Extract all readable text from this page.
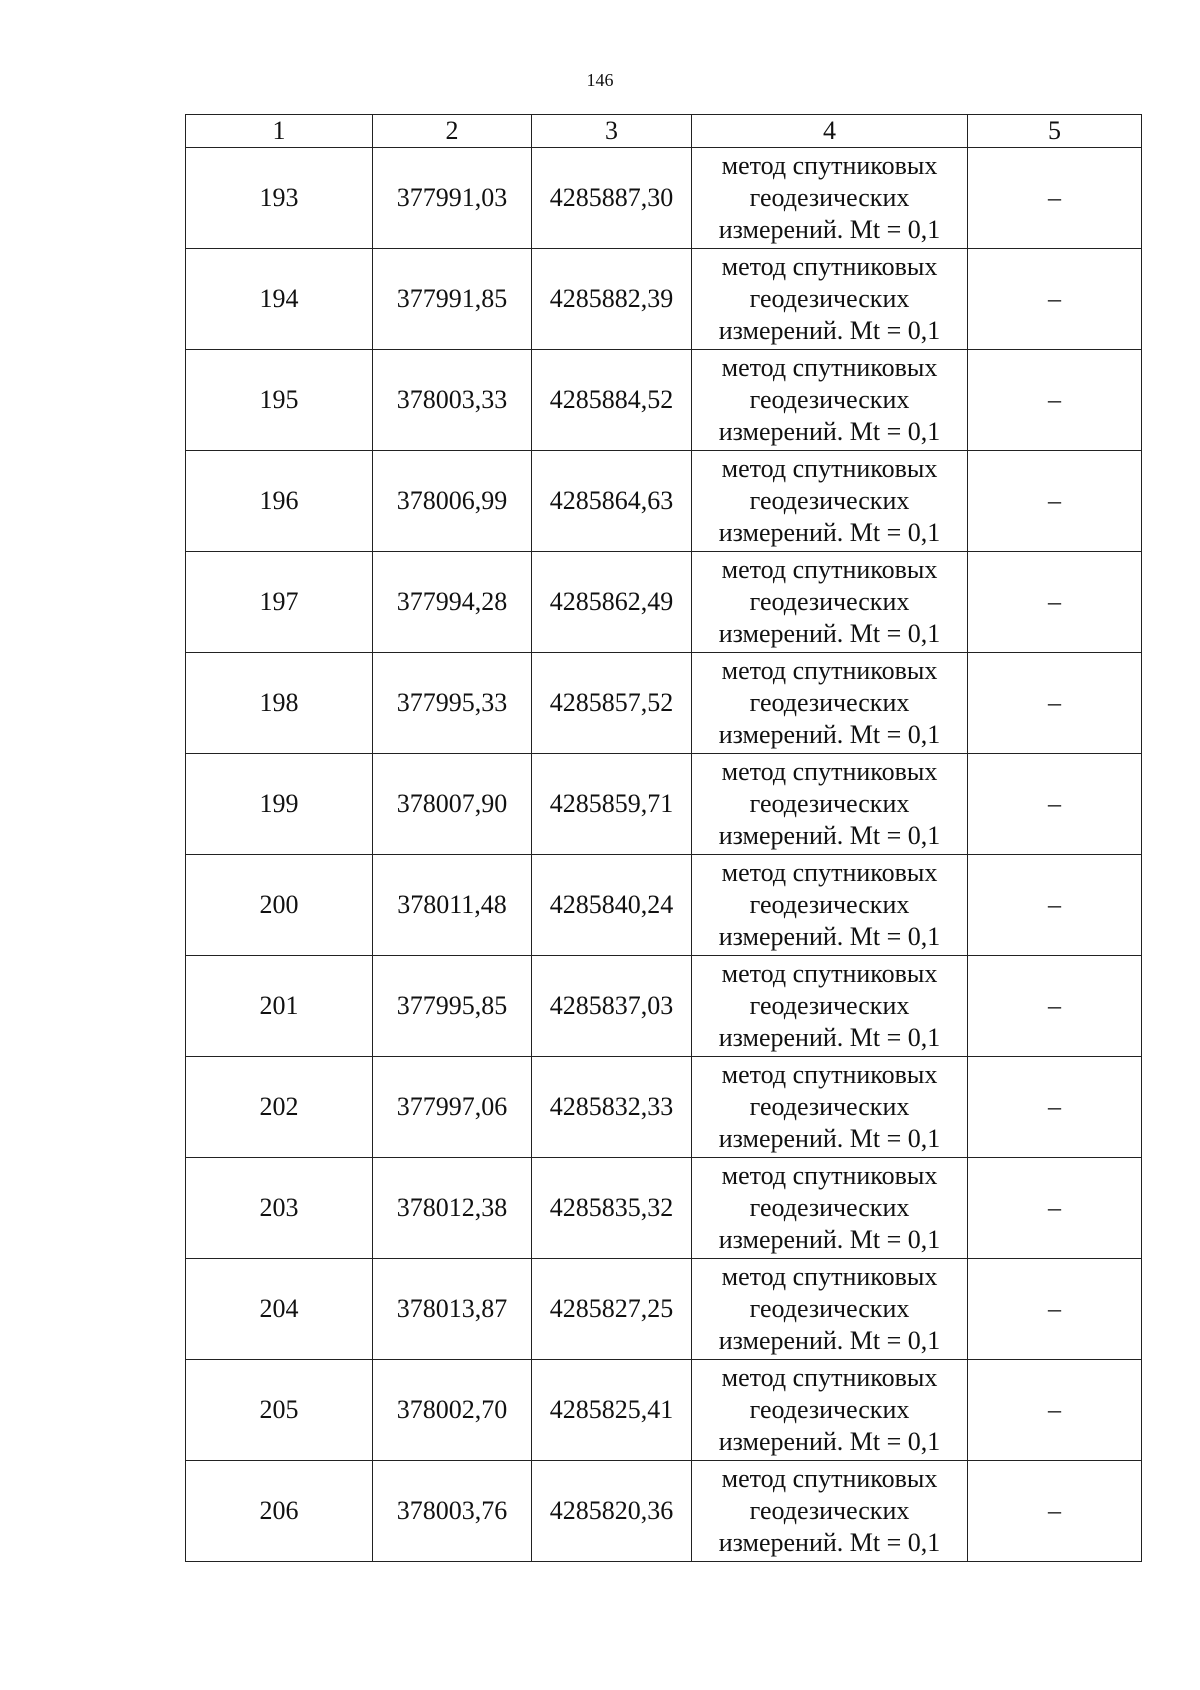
146
1	2	3	4	5
193	377991,03	4285887,30	метод спутниковых
геодезических
измерений. Mt = 0,1	–
194	377991,85	4285882,39	метод спутниковых
геодезических
измерений. Mt = 0,1	–
195	378003,33	4285884,52	метод спутниковых
геодезических
измерений. Mt = 0,1	–
196	378006,99	4285864,63	метод спутниковых
геодезических
измерений. Mt = 0,1	–
197	377994,28	4285862,49	метод спутниковых
геодезических
измерений. Mt = 0,1	–
198	377995,33	4285857,52	метод спутниковых
геодезических
измерений. Mt = 0,1	–
199	378007,90	4285859,71	метод спутниковых
геодезических
измерений. Mt = 0,1	–
200	378011,48	4285840,24	метод спутниковых
геодезических
измерений. Mt = 0,1	–
201	377995,85	4285837,03	метод спутниковых
геодезических
измерений. Mt = 0,1	–
202	377997,06	4285832,33	метод спутниковых
геодезических
измерений. Mt = 0,1	–
203	378012,38	4285835,32	метод спутниковых
геодезических
измерений. Mt = 0,1	–
204	378013,87	4285827,25	метод спутниковых
геодезических
измерений. Mt = 0,1	–
205	378002,70	4285825,41	метод спутниковых
геодезических
измерений. Mt = 0,1	–
206	378003,76	4285820,36	метод спутниковых
геодезических
измерений. Mt = 0,1	–
